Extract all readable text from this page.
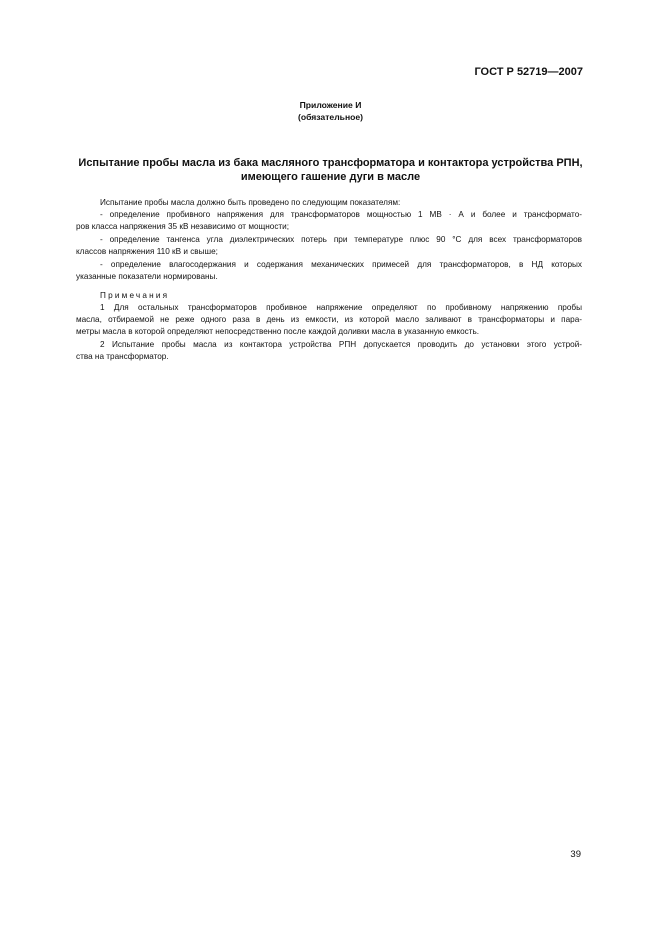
ГОСТ Р 52719—2007
Приложение И
(обязательное)
Испытание пробы масла из бака масляного трансформатора и контактора устройства РПН,
имеющего гашение дуги в масле
Испытание пробы масла должно быть проведено по следующим показателям:
- определение пробивного напряжения для трансформаторов мощностью 1 МВ · А и более и трансформато-
ров класса напряжения 35 кВ независимо от мощности;
- определение тангенса угла диэлектрических потерь при температуре плюс 90 °С для всех трансформаторов
классов напряжения 110 кВ и свыше;
- определение влагосодержания и содержания механических примесей для трансформаторов, в НД которых
указанные показатели нормированы.
Примечания
1 Для остальных трансформаторов пробивное напряжение определяют по пробивному напряжению пробы
масла, отбираемой не реже одного раза в день из емкости, из которой масло заливают в трансформаторы и пара-
метры масла в которой определяют непосредственно после каждой доливки масла в указанную емкость.
2 Испытание пробы масла из контактора устройства РПН допускается проводить до установки этого устрой-
ства на трансформатор.
39
